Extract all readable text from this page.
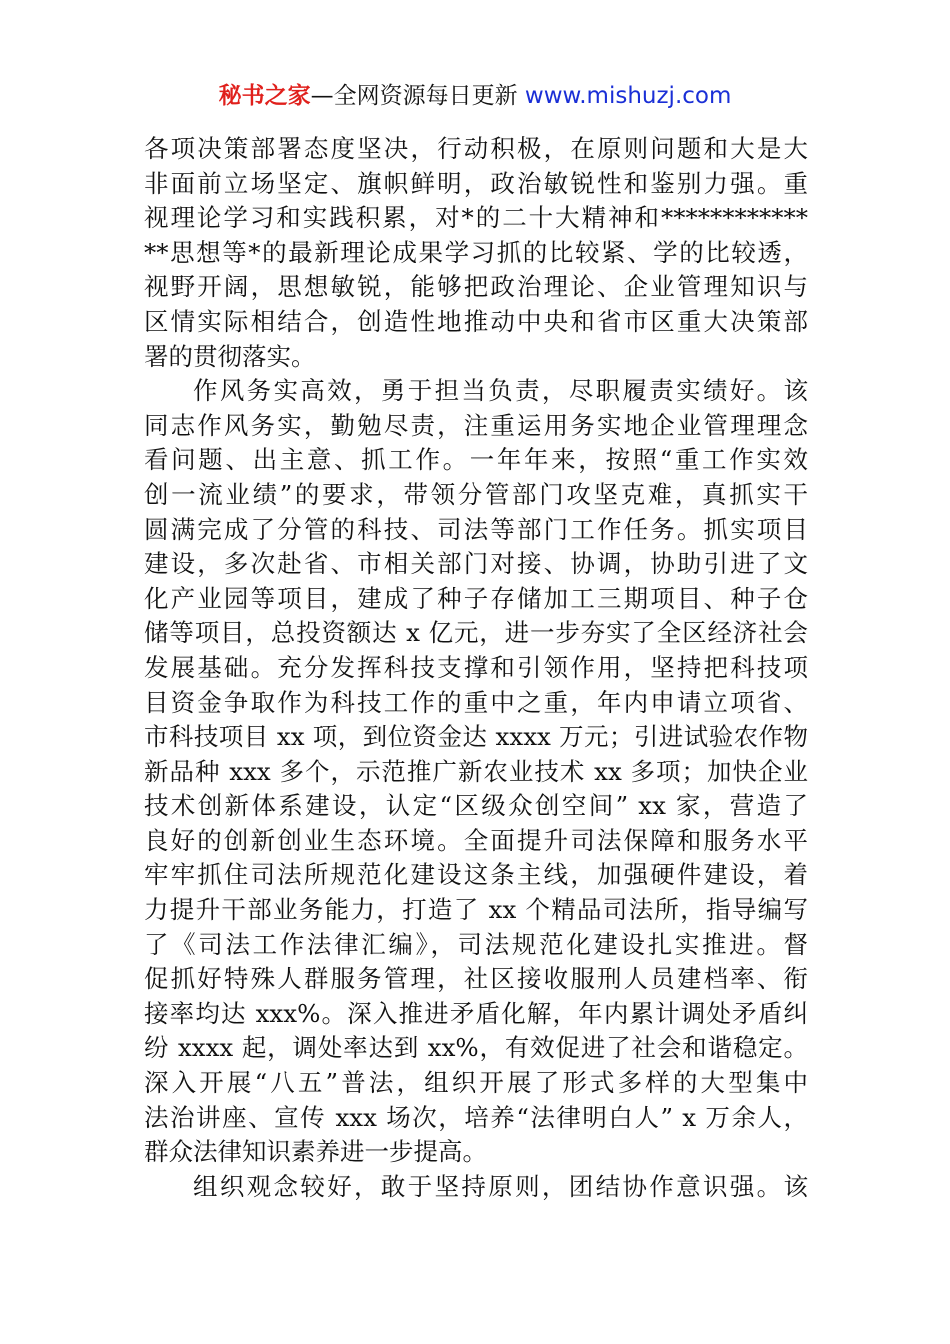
秘书之家—全网资源每日更新 www.mishuzj.com
各项决策部署态度坚决，行动积极，在原则问题和大是大
非面前立场坚定、旗帜鲜明，政治敏锐性和鉴别力强。重
视理论学习和实践积累，对*的二十大精神和************
**思想等*的最新理论成果学习抓的比较紧、学的比较透，
视野开阔，思想敏锐，能够把政治理论、企业管理知识与
区情实际相结合，创造性地推动中央和省市区重大决策部
署的贯彻落实。
作风务实高效，勇于担当负责，尽职履责实绩好。该
同志作风务实，勤勉尽责，注重运用务实地企业管理理念
看问题、出主意、抓工作。一年年来，按照“重工作实效
创一流业绩”的要求，带领分管部门攻坚克难，真抓实干
圆满完成了分管的科技、司法等部门工作任务。抓实项目
建设，多次赴省、市相关部门对接、协调，协助引进了文
化产业园等项目，建成了种子存储加工三期项目、种子仓
储等项目，总投资额达 x 亿元，进一步夯实了全区经济社会
发展基础。充分发挥科技支撑和引领作用，坚持把科技项
目资金争取作为科技工作的重中之重，年内申请立项省、
市科技项目 xx 项，到位资金达 xxxx 万元；引进试验农作物
新品种 xxx 多个，示范推广新农业技术 xx 多项；加快企业
技术创新体系建设，认定“区级众创空间” xx 家，营造了
良好的创新创业生态环境。全面提升司法保障和服务水平
牢牢抓住司法所规范化建设这条主线，加强硬件建设，着
力提升干部业务能力，打造了 xx 个精品司法所，指导编写
了《司法工作法律汇编》，司法规范化建设扎实推进。督
促抓好特殊人群服务管理，社区接收服刑人员建档率、衔
接率均达 xxx%。深入推进矛盾化解，年内累计调处矛盾纠
纷 xxxx 起，调处率达到 xx%，有效促进了社会和谐稳定。
深入开展“八五”普法，组织开展了形式多样的大型集中
法治讲座、宣传 xxx 场次，培养“法律明白人” x 万余人，
群众法律知识素养进一步提高。
组织观念较好，敢于坚持原则，团结协作意识强。该
